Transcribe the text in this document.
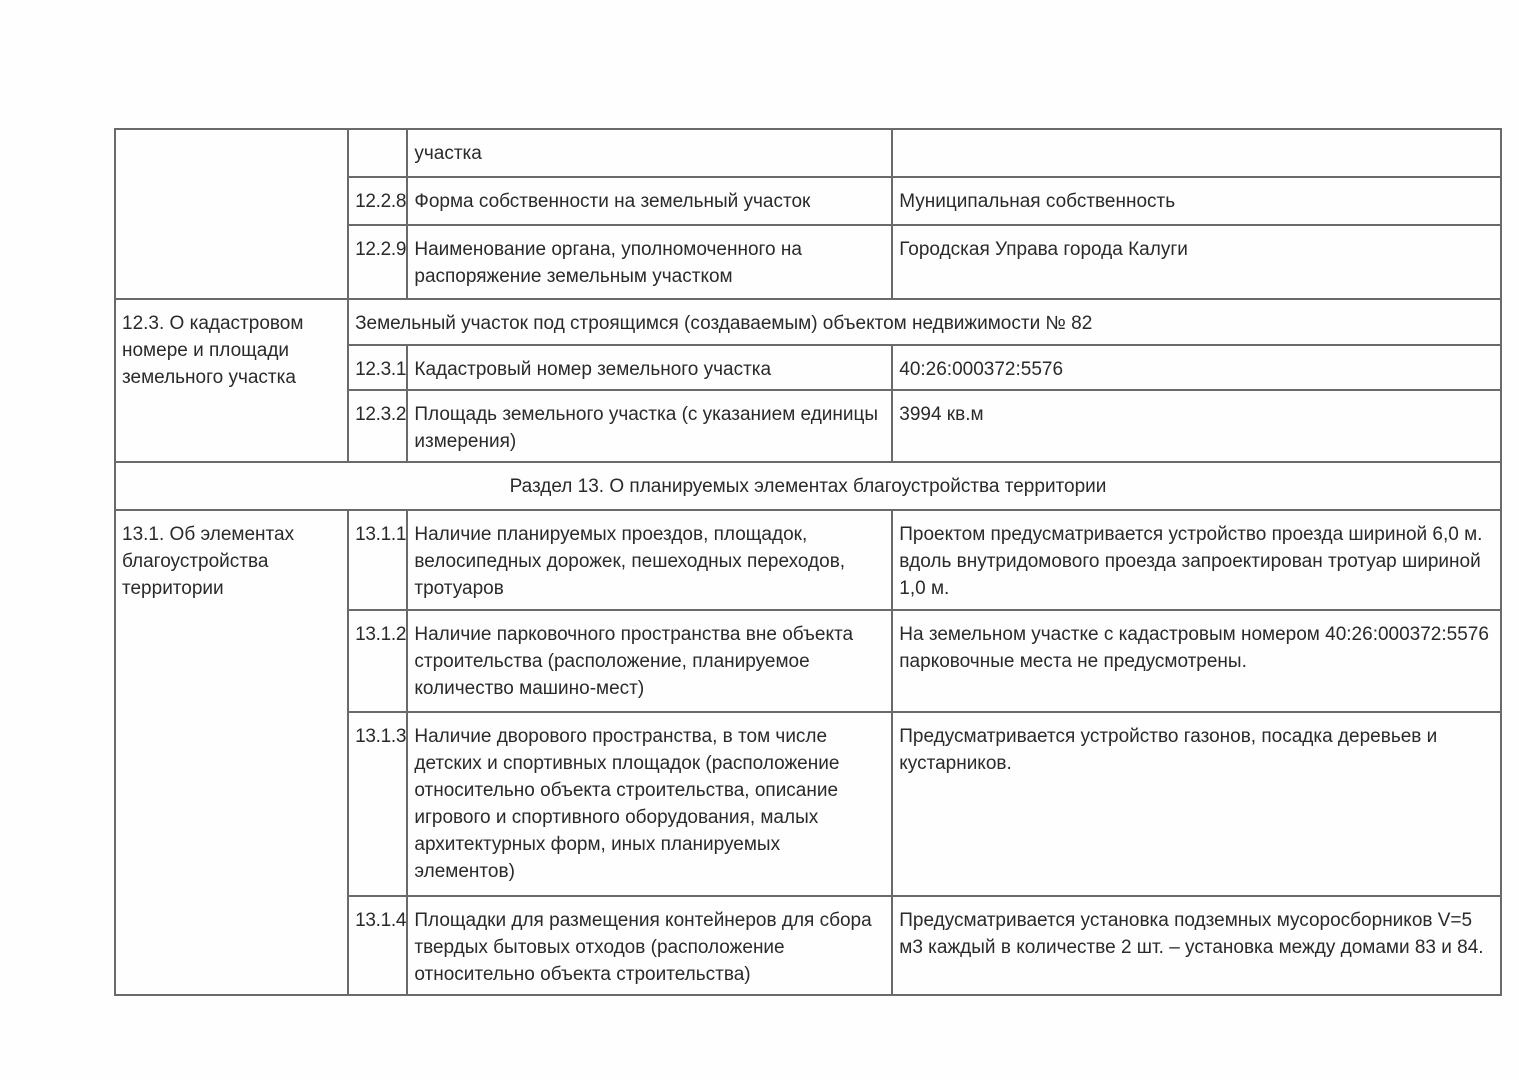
		участка	
	12.2.8	Форма собственности на земельный участок	Муниципальная собственность
	12.2.9	Наименование органа, уполномоченного на распоряжение земельным участком	Городская Управа города Калуги
12.3. О кадастровом номере и площади земельного участка	Земельный участок под строящимся (создаваемым) объектом недвижимости № 82		
	12.3.1	Кадастровый номер земельного участка	40:26:000372:5576
	12.3.2	Площадь земельного участка (с указанием единицы измерения)	3994 кв.м
Раздел 13. О планируемых элементах благоустройства территории			
13.1. Об элементах благоустройства территории	13.1.1	Наличие планируемых проездов, площадок, велосипедных дорожек, пешеходных переходов, тротуаров	Проектом предусматривается устройство проезда шириной 6,0 м. вдоль внутридомового проезда запроектирован тротуар шириной 1,0 м.
	13.1.2	Наличие парковочного пространства вне объекта строительства (расположение, планируемое количество машино-мест)	На земельном участке с кадастровым номером 40:26:000372:5576 парковочные места не предусмотрены.
	13.1.3	Наличие дворового пространства, в том числе детских и спортивных площадок (расположение относительно объекта строительства, описание игрового и спортивного оборудования, малых архитектурных форм, иных планируемых элементов)	Предусматривается устройство газонов, посадка деревьев и кустарников.
	13.1.4	Площадки для размещения контейнеров для сбора твердых бытовых отходов (расположение относительно объекта строительства)	Предусматривается установка подземных мусоросборников V=5 м3 каждый в количестве 2 шт. – установка между домами 83 и 84.
